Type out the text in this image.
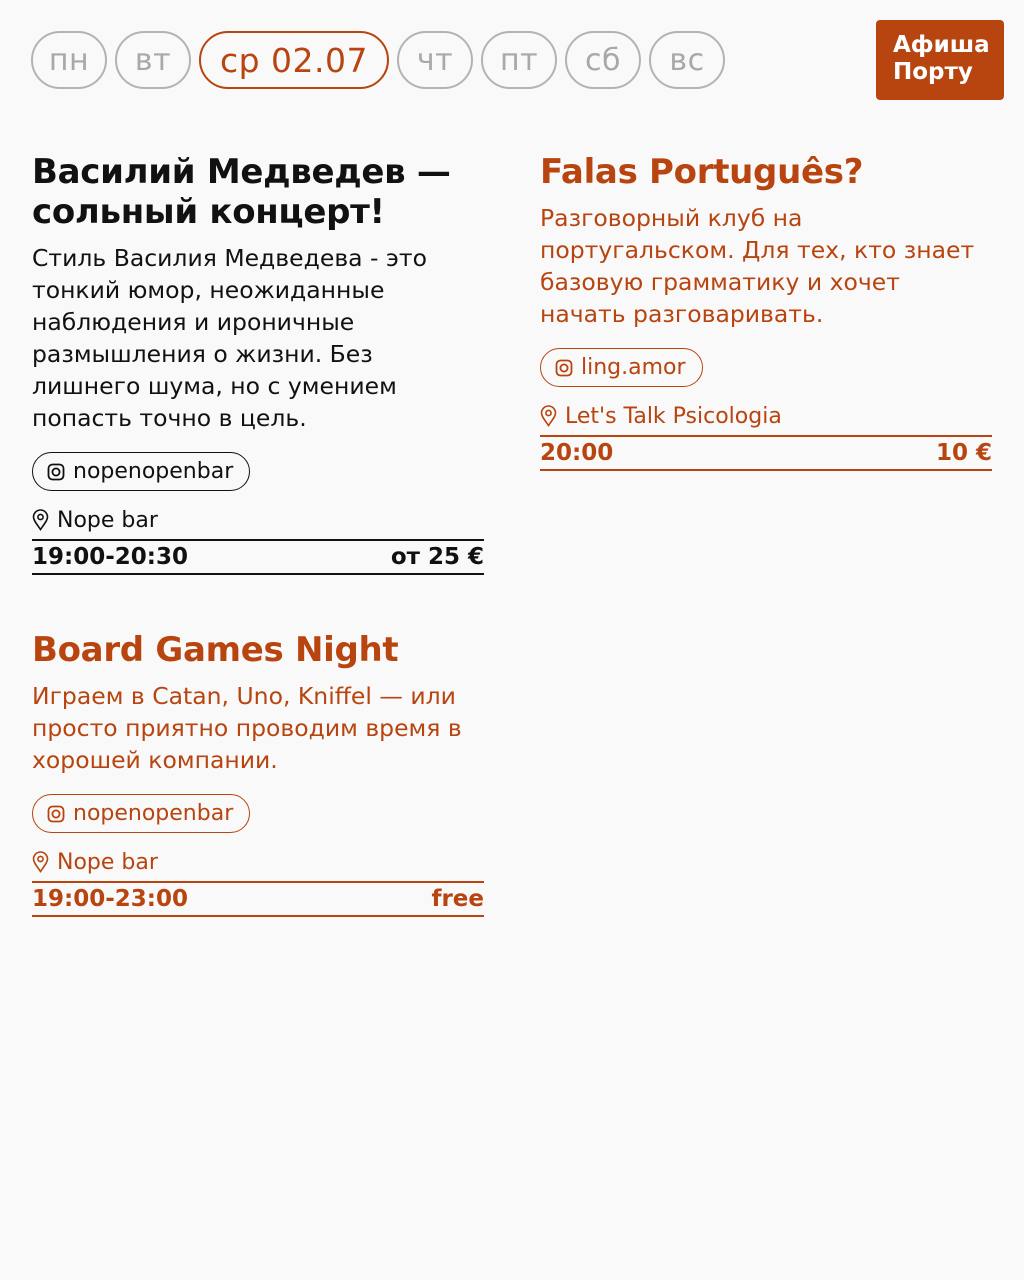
пн	вт	ср 02.07	чт	пт	сб	вс	Афиша
Порту
Василий Медведев — сольный концерт!

Стиль Василия Медведева - это тонкий юмор, неожиданные наблюдения и ироничные размышления о жизни. Без лишнего шума, но с умением попасть точно в цель.

nopenopenbar
Nope bar
19:00-20:30	от 25 €
Falas Português?

Разговорный клуб на португальском. Для тех, кто знает базовую грамматику и хочет начать разговаривать.

ling.amor
Let's Talk Psicologia
20:00	10 €
Board Games Night

Играем в Catan, Uno, Kniffel — или просто приятно проводим время в хорошей компании.

nopenopenbar
Nope bar
19:00-23:00	free
